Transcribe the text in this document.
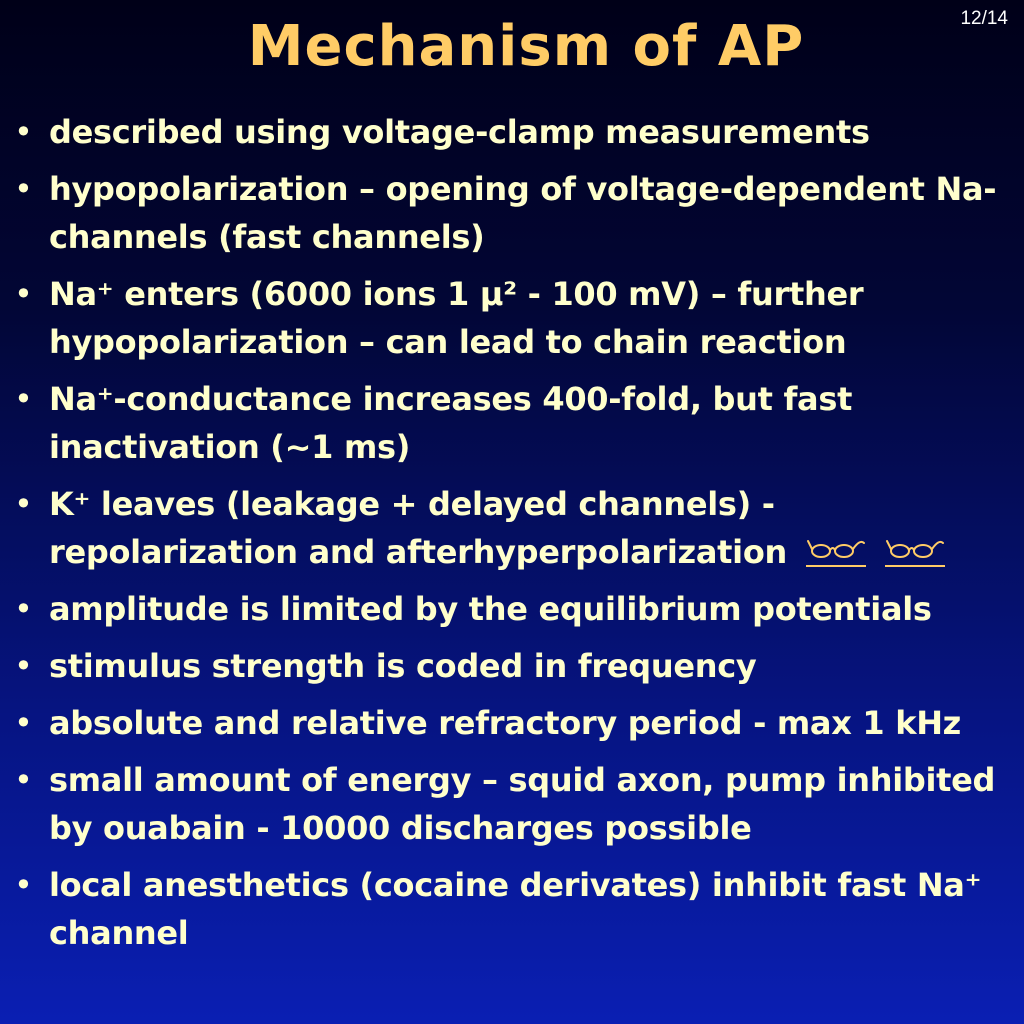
12/14
Mechanism of AP
• described using voltage-clamp measurements
• hypopolarization – opening of voltage-dependent Na-channels (fast channels)
• Na⁺ enters (6000 ions 1 μ² - 100 mV) – further hypopolarization – can lead to chain reaction
• Na⁺-conductance increases 400-fold, but fast inactivation (~1 ms)
• K⁺ leaves (leakage + delayed channels) - repolarization and afterhyperpolarization

• amplitude is limited by the equilibrium potentials
• stimulus strength is coded in frequency
• absolute and relative refractory period - max 1 kHz
• small amount of energy – squid axon, pump inhibited by ouabain - 10000 discharges possible
• local anesthetics (cocaine derivates) inhibit fast Na⁺ channel
